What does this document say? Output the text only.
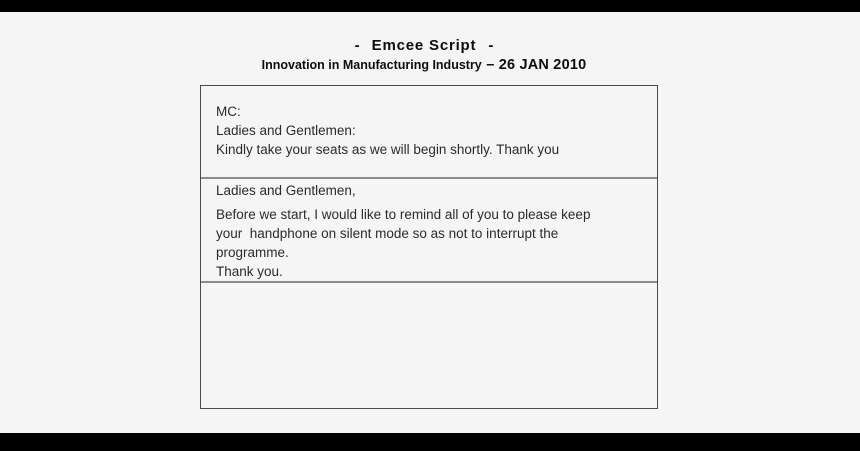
- Emcee Script -
Innovation in Manufacturing Industry – 26 JAN 2010
MC:
Ladies and Gentlemen:
Kindly take your seats as we will begin shortly. Thank you
Ladies and Gentlemen,
Before we start, I would like to remind all of you to please keep
your  handphone on silent mode so as not to interrupt the
programme.
Thank you.
